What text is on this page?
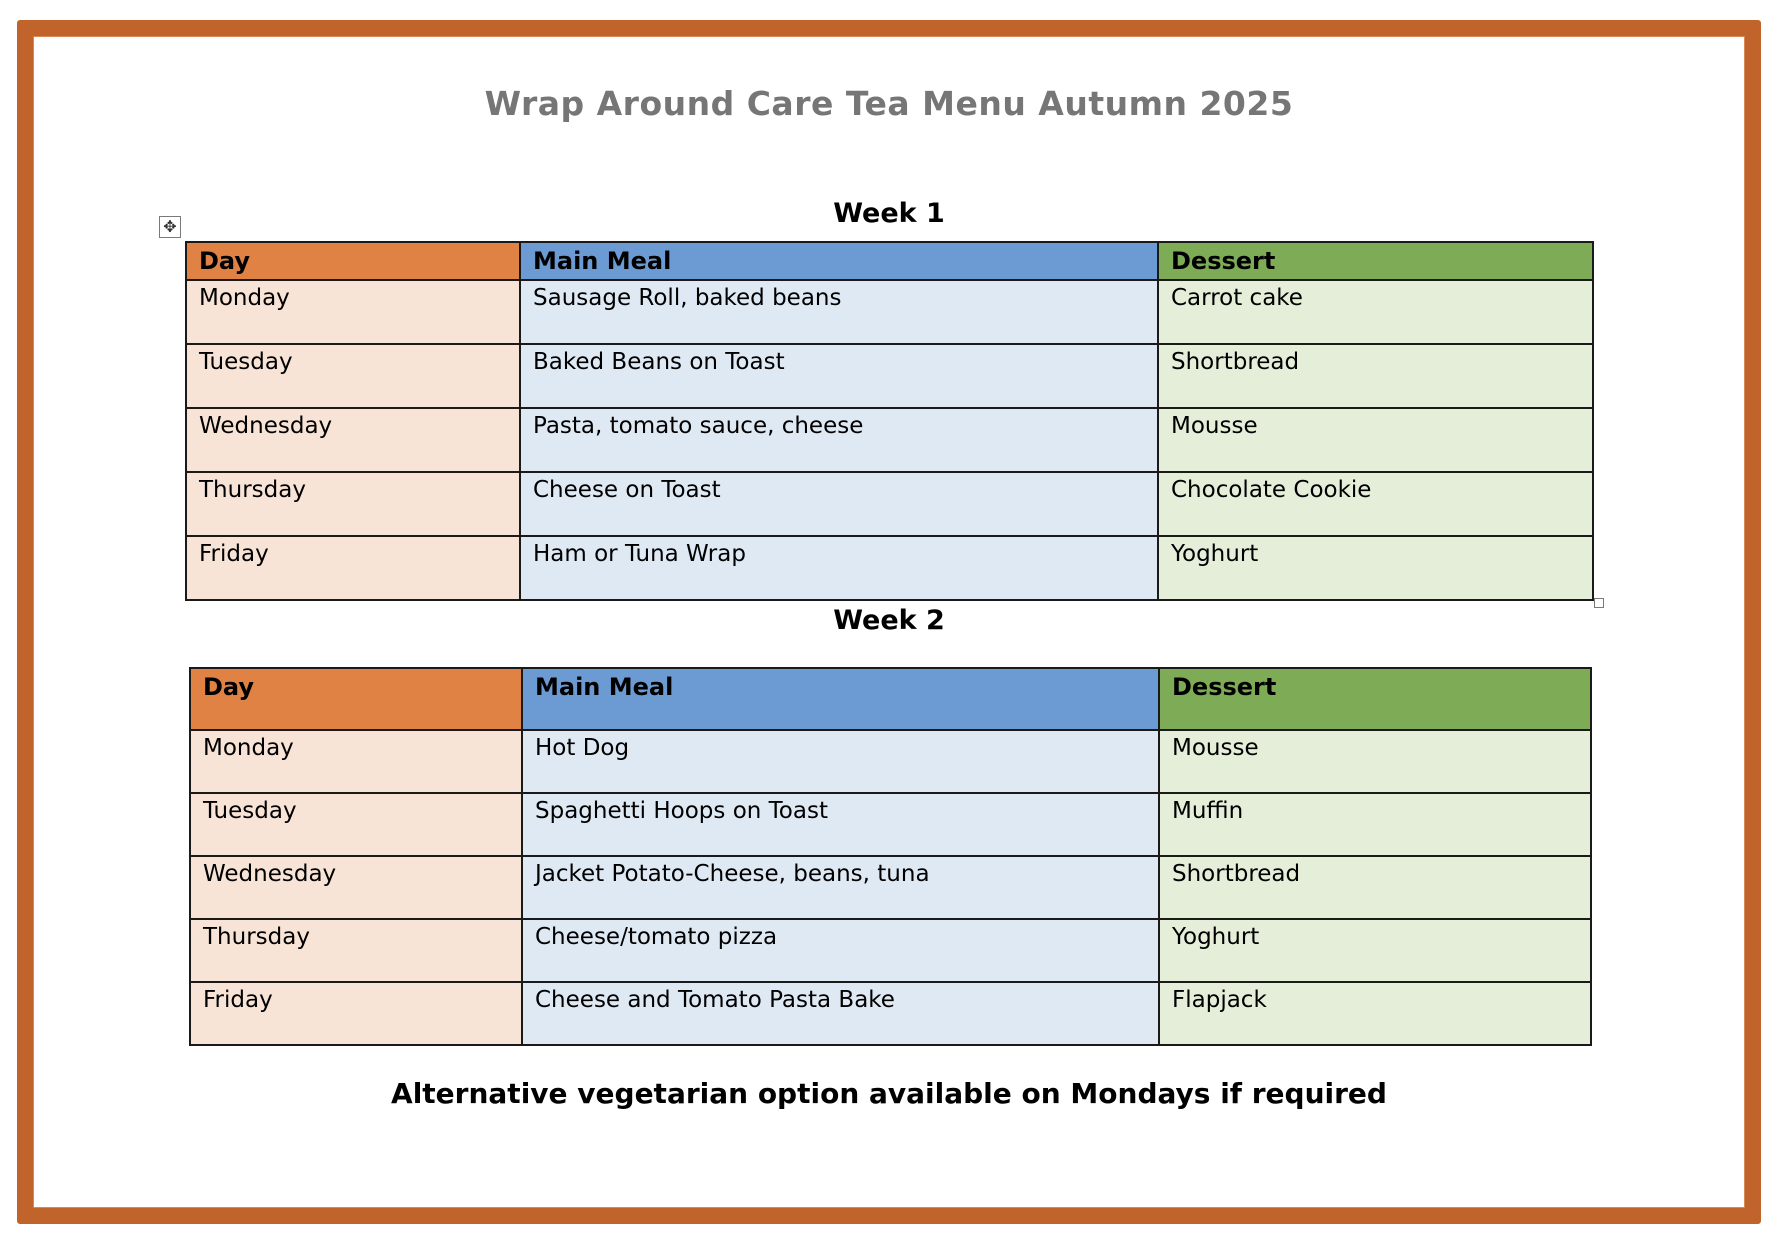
Wrap Around Care Tea Menu Autumn 2025
Week 1
✥
Day	Main Meal	Dessert
Monday	Sausage Roll, baked beans	Carrot cake
Tuesday	Baked Beans on Toast	Shortbread
Wednesday	Pasta, tomato sauce, cheese	Mousse
Thursday	Cheese on Toast	Chocolate Cookie
Friday	Ham or Tuna Wrap	Yoghurt
Week 2
Day	Main Meal	Dessert
Monday	Hot Dog	Mousse
Tuesday	Spaghetti Hoops on Toast	Muffin
Wednesday	Jacket Potato-Cheese, beans, tuna	Shortbread
Thursday	Cheese/tomato pizza	Yoghurt
Friday	Cheese and Tomato Pasta Bake	Flapjack
Alternative vegetarian option available on Mondays if required
